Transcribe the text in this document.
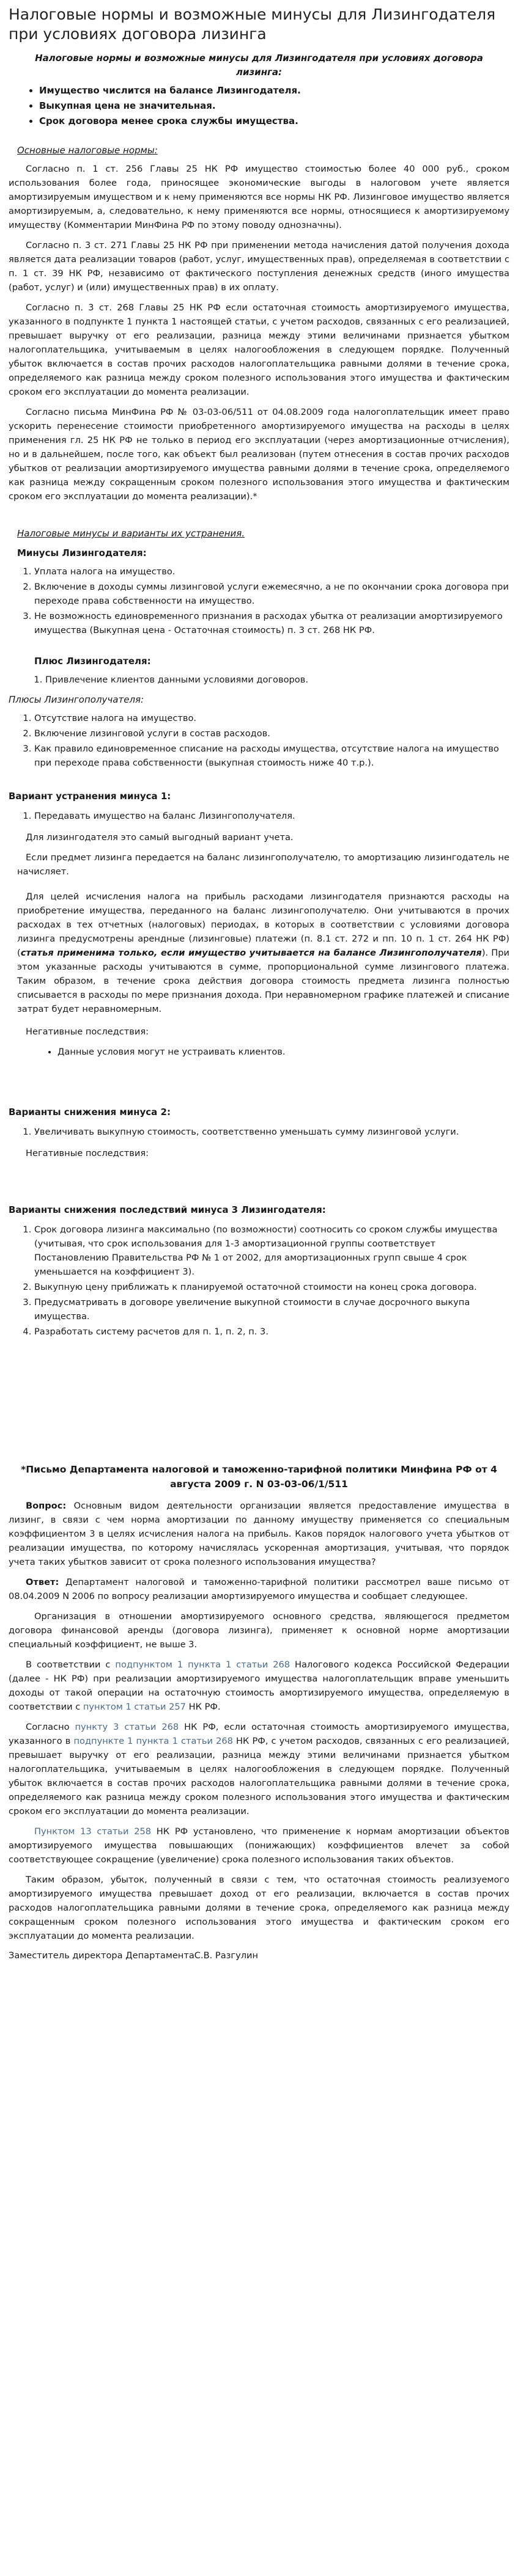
Налоговые нормы и возможные минусы для Лизингодателя при условиях договора лизинга
Налоговые нормы и возможные минусы для Лизингодателя при условиях договора лизинга:
• Имущество числится на балансе Лизингодателя.
• Выкупная цена не значительная.
• Срок договора менее срока службы имущества.
Основные налоговые нормы:

Согласно п. 1 ст. 256 Главы 25 НК РФ имущество стоимостью более 40 000 руб., сроком использования более года, приносящее экономические выгоды в налоговом учете является амортизируемым имуществом и к нему применяются все нормы НК РФ. Лизинговое имущество является амортизируемым, а, следовательно, к нему применяются все нормы, относящиеся к амортизируемому имуществу (Комментарии МинФина РФ по этому поводу однозначны).

Согласно п. 3 ст. 271 Главы 25 НК РФ при применении метода начисления датой получения дохода является дата реализации товаров (работ, услуг, имущественных прав), определяемая в соответствии с п. 1 ст. 39 НК РФ, независимо от фактического поступления денежных средств (иного имущества (работ, услуг) и (или) имущественных прав) в их оплату.

Согласно п. 3 ст. 268 Главы 25 НК РФ если остаточная стоимость амортизируемого имущества, указанного в подпункте 1 пункта 1 настоящей статьи, с учетом расходов, связанных с его реализацией, превышает выручку от его реализации, разница между этими величинами признается убытком налогоплательщика, учитываемым в целях налогообложения в следующем порядке. Полученный убыток включается в состав прочих расходов налогоплательщика равными долями в течение срока, определяемого как разница между сроком полезного использования этого имущества и фактическим сроком его эксплуатации до момента реализации.

Согласно письма МинФина РФ № 03-03-06/511 от 04.08.2009 года налогоплательщик имеет право ускорить перенесение стоимости приобретенного амортизируемого имущества на расходы в целях применения гл. 25 НК РФ не только в период его эксплуатации (через амортизационные отчисления), но и в дальнейшем, после того, как объект был реализован (путем отнесения в состав прочих расходов убытков от реализации амортизируемого имущества равными долями в течение срока, определяемого как разница между сокращенным сроком полезного использования этого имущества и фактическим сроком его эксплуатации до момента реализации).*

Налоговые минусы и варианты их устранения.
Минусы Лизингодателя:
1. Уплата налога на имущество.
2. Включение в доходы суммы лизинговой услуги ежемесячно, а не по окончании срока договора при переходе права собственности на имущество.
3. Не возможность единовременного признания в расходах убытка от реализации амортизируемого имущества (Выкупная цена - Остаточная стоимость) п. 3 ст. 268 НК РФ.
Плюс Лизингодателя:
1. Привлечение клиентов данными условиями договоров.
Плюсы Лизингополучателя:
1. Отсутствие налога на имущество.
2. Включение лизинговой услуги в состав расходов.
3. Как правило единовременное списание на расходы имущества, отсутствие налога на имущество при переходе права собственности (выкупная стоимость ниже 40 т.р.).
Вариант устранения минуса 1:
1. Передавать имущество на баланс Лизингополучателя.
Для лизингодателя это самый выгодный вариант учета.
Если предмет лизинга передается на баланс лизингополучателю, то амортизацию лизингодатель не начисляет.
Для целей исчисления налога на прибыль расходами лизингодателя признаются расходы на приобретение имущества, переданного на баланс лизингополучателю. Они учитываются в прочих расходах в тех отчетных (налоговых) периодах, в которых в соответствии с условиями договора лизинга предусмотрены арендные (лизинговые) платежи (п. 8.1 ст. 272 и пп. 10 п. 1 ст. 264 НК РФ) (статья применима только, если имущество учитывается на балансе Лизингополучателя). При этом указанные расходы учитываются в сумме, пропорциональной сумме лизингового платежа. Таким образом, в течение срока действия договора стоимость предмета лизинга полностью списывается в расходы по мере признания дохода. При неравномерном графике платежей и списание затрат будет неравномерным.
Негативные последствия:
• Данные условия могут не устраивать клиентов.
Варианты снижения минуса 2:
1. Увеличивать выкупную стоимость, соответственно уменьшать сумму лизинговой услуги.
Негативные последствия:
Варианты снижения последствий минуса 3 Лизингодателя:
1. Срок договора лизинга максимально (по возможности) соотносить со сроком службы имущества (учитывая, что срок использования для 1-3 амортизационной группы соответствует Постановлению Правительства РФ № 1 от 2002, для амортизационных групп свыше 4 срок уменьшается на коэффициент 3).
2. Выкупную цену приближать к планируемой остаточной стоимости на конец срока договора.
3. Предусматривать в договоре увеличение выкупной стоимости в случае досрочного выкупа имущества.
4. Разработать систему расчетов для п. 1, п. 2, п. 3.
*Письмо Департамента налоговой и таможенно-тарифной политики Минфина РФ от 4 августа 2009 г. N 03-03-06/1/511

Вопрос: Основным видом деятельности организации является предоставление имущества в лизинг, в связи с чем норма амортизации по данному имуществу применяется со специальным коэффициентом 3 в целях исчисления налога на прибыль. Каков порядок налогового учета убытков от реализации имущества, по которому начислялась ускоренная амортизация, учитывая, что порядок учета таких убытков зависит от срока полезного использования имущества?

Ответ: Департамент налоговой и таможенно-тарифной политики рассмотрел ваше письмо от 08.04.2009 N 2006 по вопросу реализации амортизируемого имущества и сообщает следующее.

Организация в отношении амортизируемого основного средства, являющегося предметом договора финансовой аренды (договора лизинга), применяет к основной норме амортизации специальный коэффициент, не выше 3.

В соответствии с подпунктом 1 пункта 1 статьи 268 Налогового кодекса Российской Федерации (далее - НК РФ) при реализации амортизируемого имущества налогоплательщик вправе уменьшить доходы от такой операции на остаточную стоимость амортизируемого имущества, определяемую в соответствии с пунктом 1 статьи 257 НК РФ.

Согласно пункту 3 статьи 268 НК РФ, если остаточная стоимость амортизируемого имущества, указанного в подпункте 1 пункта 1 статьи 268 НК РФ, с учетом расходов, связанных с его реализацией, превышает выручку от его реализации, разница между этими величинами признается убытком налогоплательщика, учитываемым в целях налогообложения в следующем порядке. Полученный убыток включается в состав прочих расходов налогоплательщика равными долями в течение срока, определяемого как разница между сроком полезного использования этого имущества и фактическим сроком его эксплуатации до момента реализации.

Пунктом 13 статьи 258 НК РФ установлено, что применение к нормам амортизации объектов амортизируемого имущества повышающих (понижающих) коэффициентов влечет за собой соответствующее сокращение (увеличение) срока полезного использования таких объектов.

Таким образом, убыток, полученный в связи с тем, что остаточная стоимость реализуемого амортизируемого имущества превышает доход от его реализации, включается в состав прочих расходов налогоплательщика равными долями в течение срока, определяемого как разница между сокращенным сроком полезного использования этого имущества и фактическим сроком его эксплуатации до момента реализации.

Заместитель директора ДепартаментаС.В. Разгулин
